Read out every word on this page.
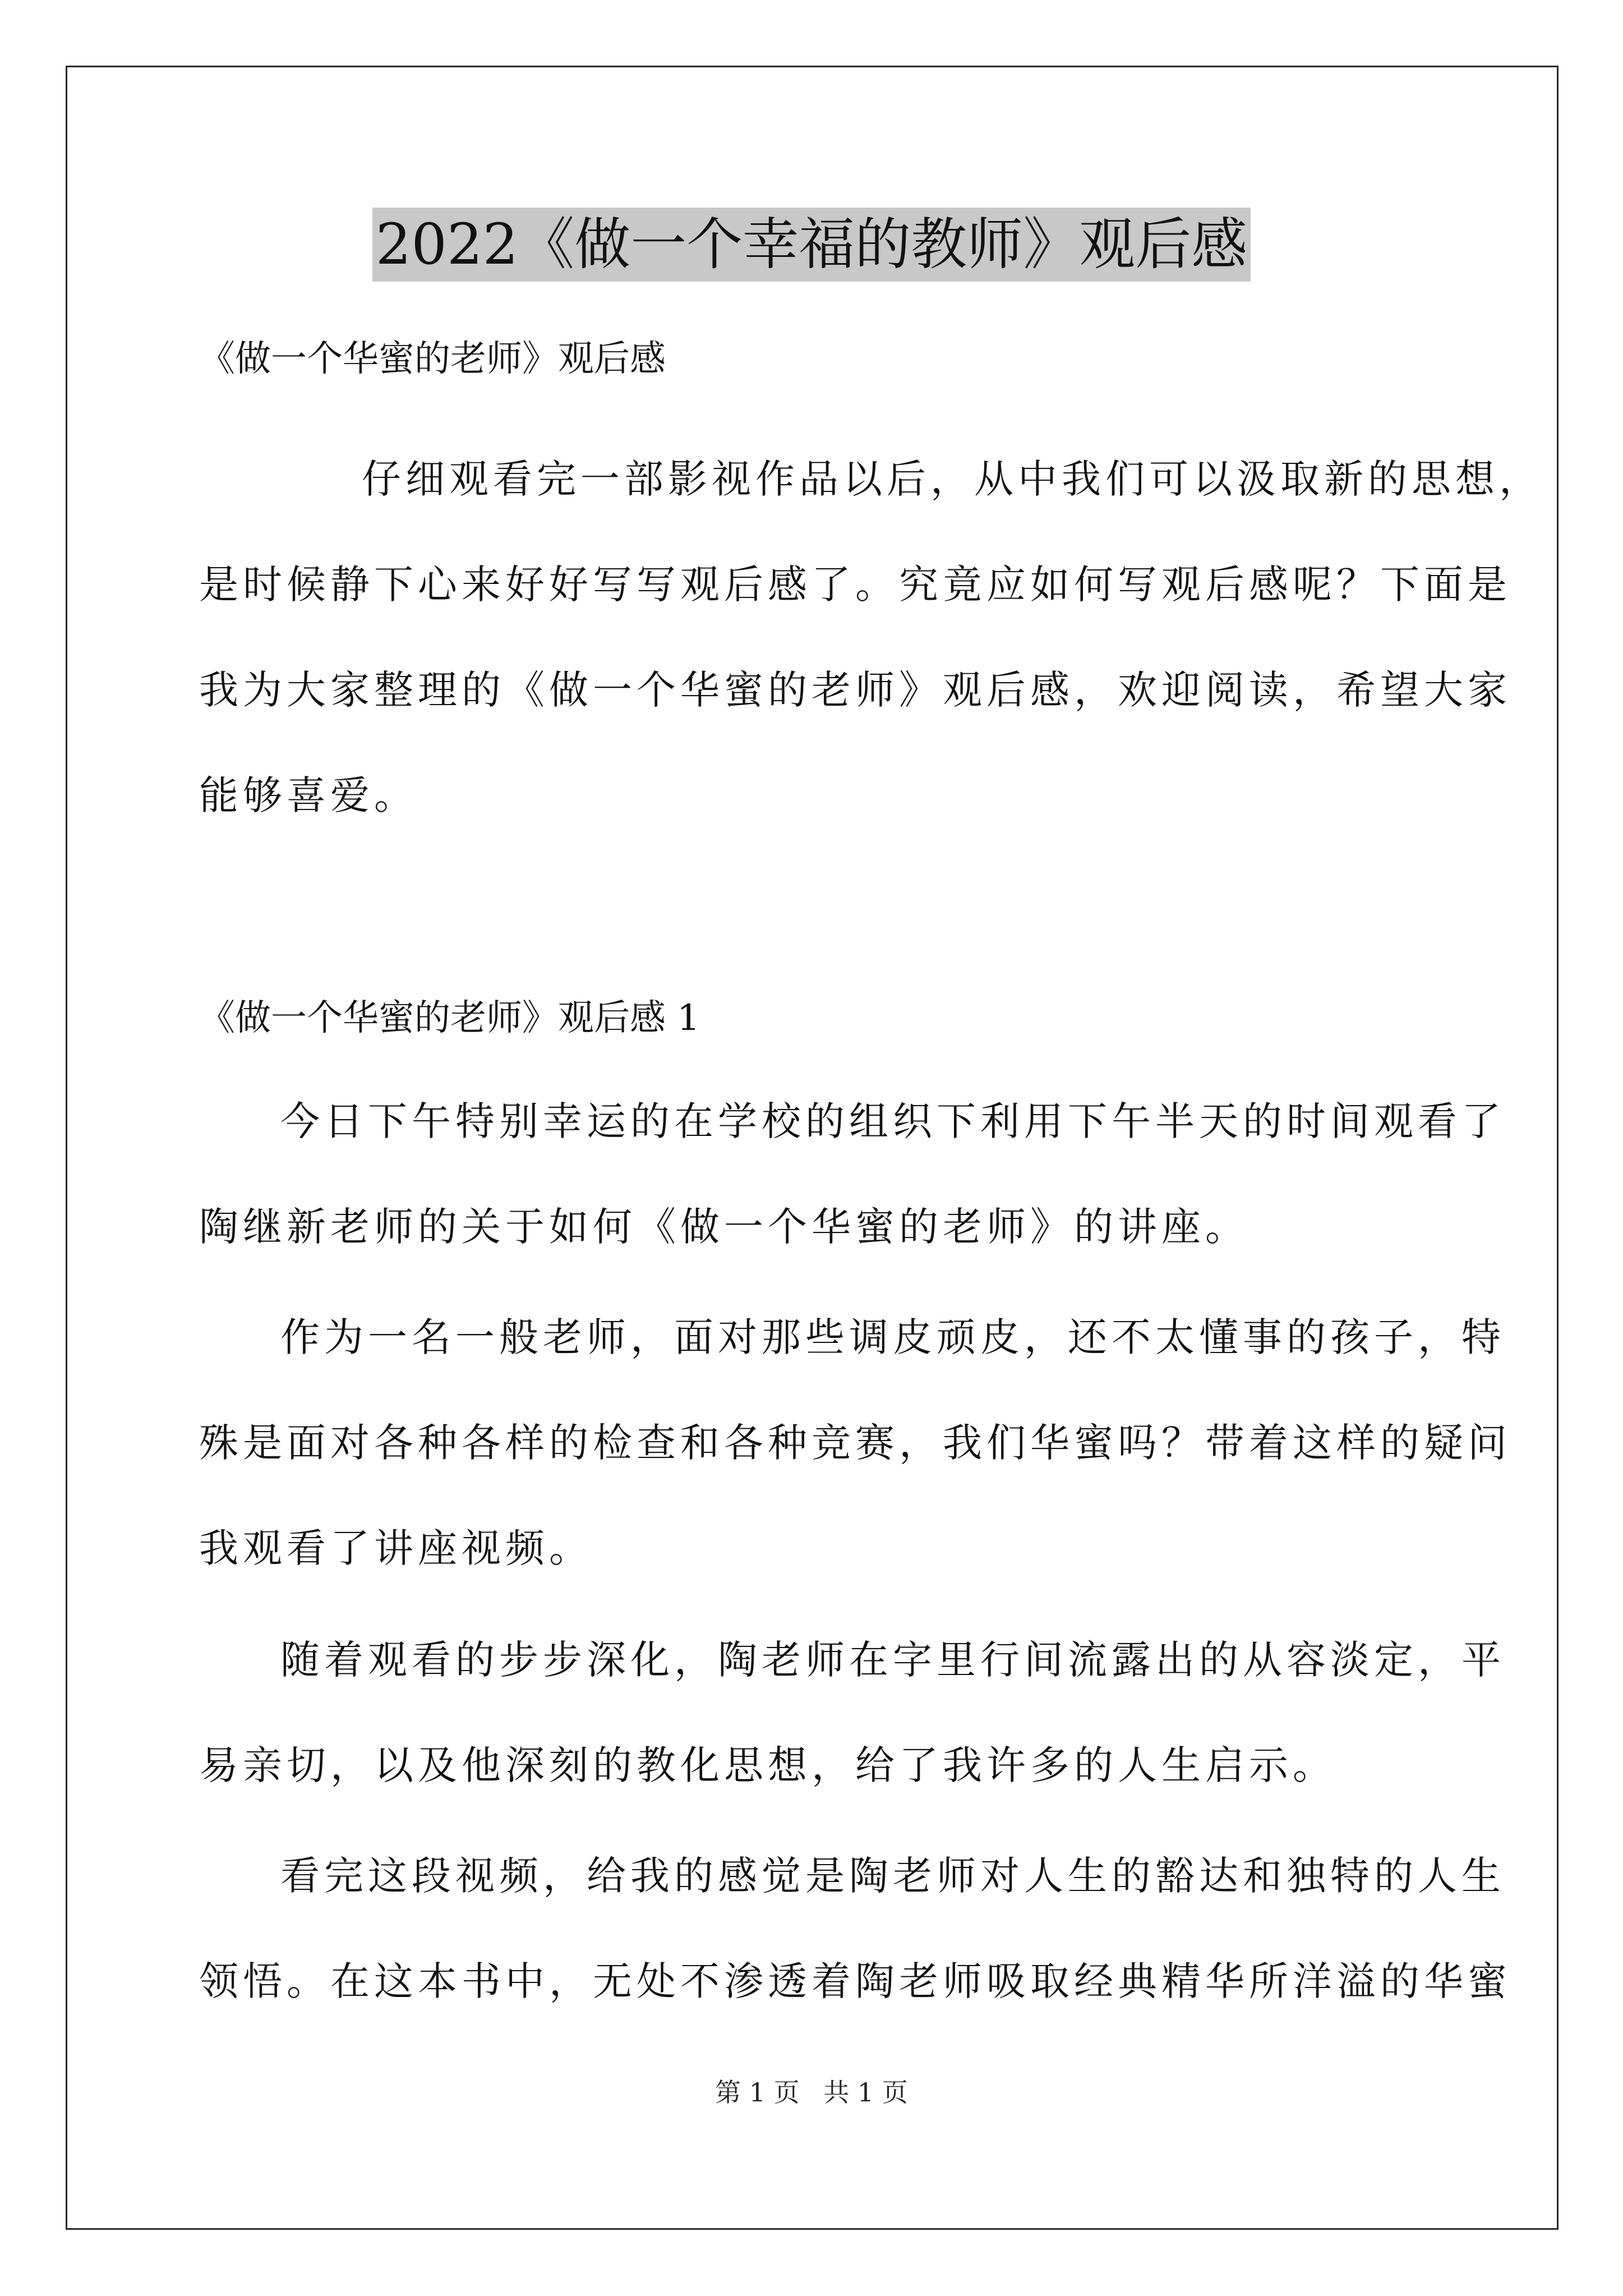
2022《做一个幸福的教师》观后感
《做一个华蜜的老师》观后感
仔细观看完一部影视作品以后，从中我们可以汲取新的思想，
是时候静下心来好好写写观后感了。究竟应如何写观后感呢？下面是
我为大家整理的《做一个华蜜的老师》观后感，欢迎阅读，希望大家
能够喜爱。
《做一个华蜜的老师》观后感 1
今日下午特别幸运的在学校的组织下利用下午半天的时间观看了
陶继新老师的关于如何《做一个华蜜的老师》的讲座。
作为一名一般老师，面对那些调皮顽皮，还不太懂事的孩子，特
殊是面对各种各样的检查和各种竞赛，我们华蜜吗？带着这样的疑问
我观看了讲座视频。
随着观看的步步深化，陶老师在字里行间流露出的从容淡定，平
易亲切，以及他深刻的教化思想，给了我许多的人生启示。
看完这段视频，给我的感觉是陶老师对人生的豁达和独特的人生
领悟。在这本书中，无处不渗透着陶老师吸取经典精华所洋溢的华蜜
第 1 页 共 1 页
